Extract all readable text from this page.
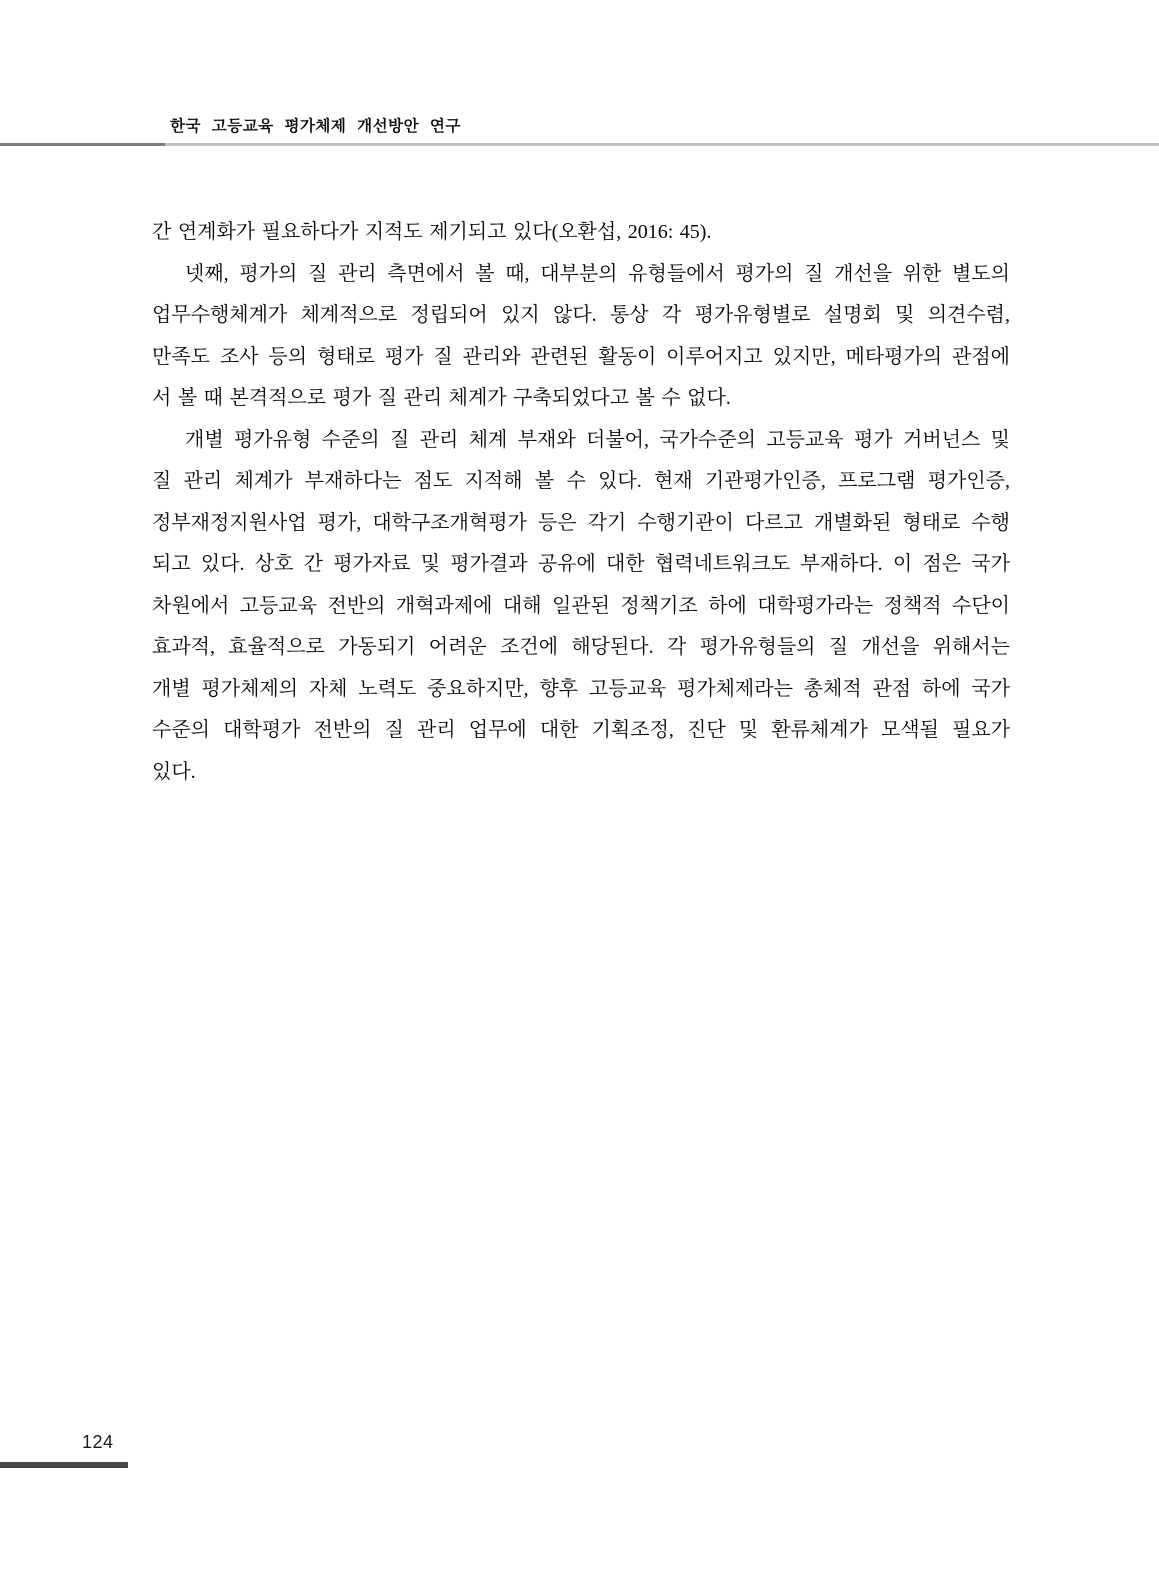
한국 고등교육 평가체제 개선방안 연구
간 연계화가 필요하다가 지적도 제기되고 있다(오환섭, 2016: 45).
넷째, 평가의 질 관리 측면에서 볼 때, 대부분의 유형들에서 평가의 질 개선을 위한 별도의
업무수행체계가 체계적으로 정립되어 있지 않다. 통상 각 평가유형별로 설명회 및 의견수렴,
만족도 조사 등의 형태로 평가 질 관리와 관련된 활동이 이루어지고 있지만, 메타평가의 관점에
서 볼 때 본격적으로 평가 질 관리 체계가 구축되었다고 볼 수 없다.
개별 평가유형 수준의 질 관리 체계 부재와 더불어, 국가수준의 고등교육 평가 거버넌스 및
질 관리 체계가 부재하다는 점도 지적해 볼 수 있다. 현재 기관평가인증, 프로그램 평가인증,
정부재정지원사업 평가, 대학구조개혁평가 등은 각기 수행기관이 다르고 개별화된 형태로 수행
되고 있다. 상호 간 평가자료 및 평가결과 공유에 대한 협력네트워크도 부재하다. 이 점은 국가
차원에서 고등교육 전반의 개혁과제에 대해 일관된 정책기조 하에 대학평가라는 정책적 수단이
효과적, 효율적으로 가동되기 어려운 조건에 해당된다. 각 평가유형들의 질 개선을 위해서는
개별 평가체제의 자체 노력도 중요하지만, 향후 고등교육 평가체제라는 총체적 관점 하에 국가
수준의 대학평가 전반의 질 관리 업무에 대한 기획조정, 진단 및 환류체계가 모색될 필요가
있다.
124
